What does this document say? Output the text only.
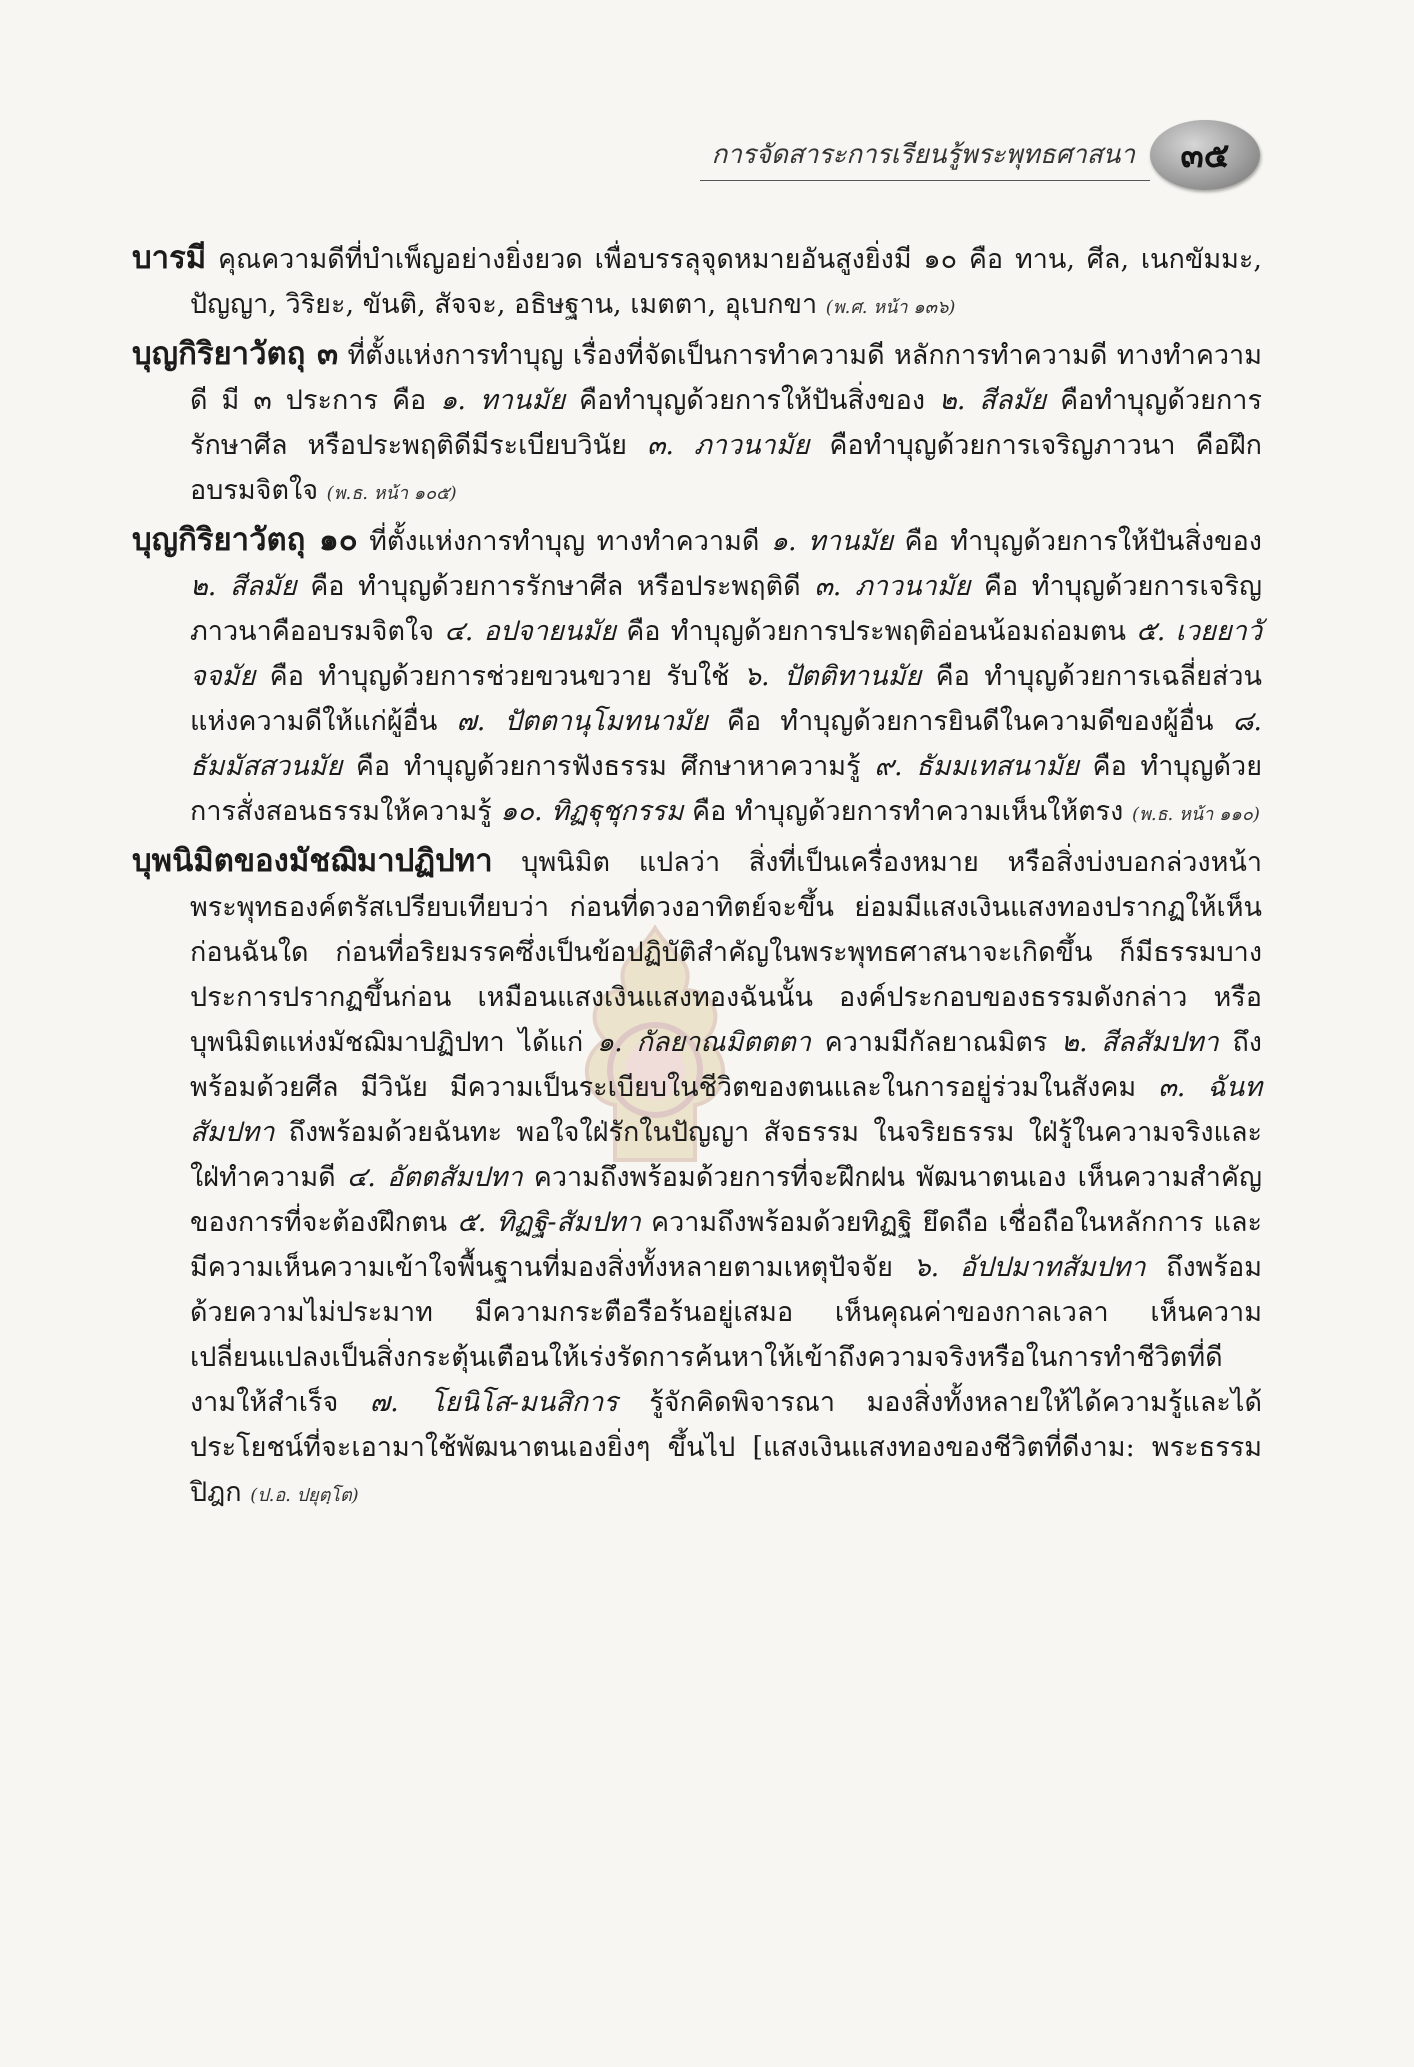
การจัดสาระการเรียนรู้พระพุทธศาสนา ๓๕

บารมี คุณความดีที่บำเพ็ญอย่างยิ่งยวด เพื่อบรรลุจุดหมายอันสูงยิ่งมี ๑๐ คือ ทาน, ศีล, เนกขัมมะ, ปัญญา, วิริยะ, ขันติ, สัจจะ, อธิษฐาน, เมตตา, อุเบกขา (พ.ศ. หน้า ๑๓๖)

บุญกิริยาวัตถุ ๓ ที่ตั้งแห่งการทำบุญ เรื่องที่จัดเป็นการทำความดี หลักการทำความดี ทางทำความดี มี ๓ ประการ คือ ๑. ทานมัย คือทำบุญด้วยการให้ปันสิ่งของ ๒. สีลมัย คือทำบุญด้วยการรักษาศีล หรือประพฤติดีมีระเบียบวินัย ๓. ภาวนามัย คือทำบุญด้วยการเจริญภาวนา คือฝึกอบรมจิตใจ (พ.ธ. หน้า ๑๐๕)

บุญกิริยาวัตถุ ๑๐ ที่ตั้งแห่งการทำบุญ ทางทำความดี ๑. ทานมัย คือ ทำบุญด้วยการให้ปันสิ่งของ ๒. สีลมัย คือ ทำบุญด้วยการรักษาศีล หรือประพฤติดี ๓. ภาวนามัย คือ ทำบุญด้วยการเจริญภาวนาคืออบรมจิตใจ ๔. อปจายนมัย คือ ทำบุญด้วยการประพฤติอ่อนน้อมถ่อมตน ๕. เวยยาวัจจมัย คือ ทำบุญด้วยการช่วยขวนขวาย รับใช้ ๖. ปัตติทานมัย คือ ทำบุญด้วยการเฉลี่ยส่วนแห่งความดีให้แก่ผู้อื่น ๗. ปัตตานุโมทนามัย คือ ทำบุญด้วยการยินดีในความดีของผู้อื่น ๘. ธัมมัสสวนมัย คือ ทำบุญด้วยการฟังธรรม ศึกษาหาความรู้ ๙. ธัมมเทสนามัย คือ ทำบุญด้วยการสั่งสอนธรรมให้ความรู้ ๑๐. ทิฏฐุชุกรรม คือ ทำบุญด้วยการทำความเห็นให้ตรง (พ.ธ. หน้า ๑๑๐)

บุพนิมิตของมัชฌิมาปฏิปทา บุพนิมิต แปลว่า สิ่งที่เป็นเครื่องหมาย หรือสิ่งบ่งบอกล่วงหน้า พระพุทธองค์ตรัสเปรียบเทียบว่า ก่อนที่ดวงอาทิตย์จะขึ้น ย่อมมีแสงเงินแสงทองปรากฏให้เห็นก่อนฉันใด ก่อนที่อริยมรรคซึ่งเป็นข้อปฏิบัติสำคัญในพระพุทธศาสนาจะเกิดขึ้น ก็มีธรรมบางประการปรากฏขึ้นก่อน เหมือนแสงเงินแสงทองฉันนั้น องค์ประกอบของธรรมดังกล่าว หรือบุพนิมิตแห่งมัชฌิมาปฏิปทา ได้แก่ ๑. กัลยาณมิตตตา ความมีกัลยาณมิตร ๒. สีลสัมปทา ถึงพร้อมด้วยศีล มีวินัย มีความเป็นระเบียบในชีวิตของตนและในการอยู่ร่วมในสังคม ๓. ฉันทสัมปทา ถึงพร้อมด้วยฉันทะ พอใจใฝ่รักในปัญญา สัจธรรม ในจริยธรรม ใฝ่รู้ในความจริงและใฝ่ทำความดี ๔. อัตตสัมปทา ความถึงพร้อมด้วยการที่จะฝึกฝน พัฒนาตนเอง เห็นความสำคัญของการที่จะต้องฝึกตน ๕. ทิฏฐิ-สัมปทา ความถึงพร้อมด้วยทิฏฐิ ยึดถือ เชื่อถือในหลักการ และมีความเห็นความเข้าใจพื้นฐานที่มองสิ่งทั้งหลายตามเหตุปัจจัย ๖. อัปปมาทสัมปทา ถึงพร้อมด้วยความไม่ประมาท มีความกระตือรือร้นอยู่เสมอ เห็นคุณค่าของกาลเวลา เห็นความเปลี่ยนแปลงเป็นสิ่งกระตุ้นเตือนให้เร่งรัดการค้นหาให้เข้าถึงความจริงหรือในการทำชีวิตที่ดีงามให้สำเร็จ ๗. โยนิโส-มนสิการ รู้จักคิดพิจารณา มองสิ่งทั้งหลายให้ได้ความรู้และได้ประโยชน์ที่จะเอามาใช้พัฒนาตนเองยิ่งๆ ขึ้นไป [แสงเงินแสงทองของชีวิตที่ดีงาม: พระธรรมปิฎก (ป.อ. ปยุตฺโต)
